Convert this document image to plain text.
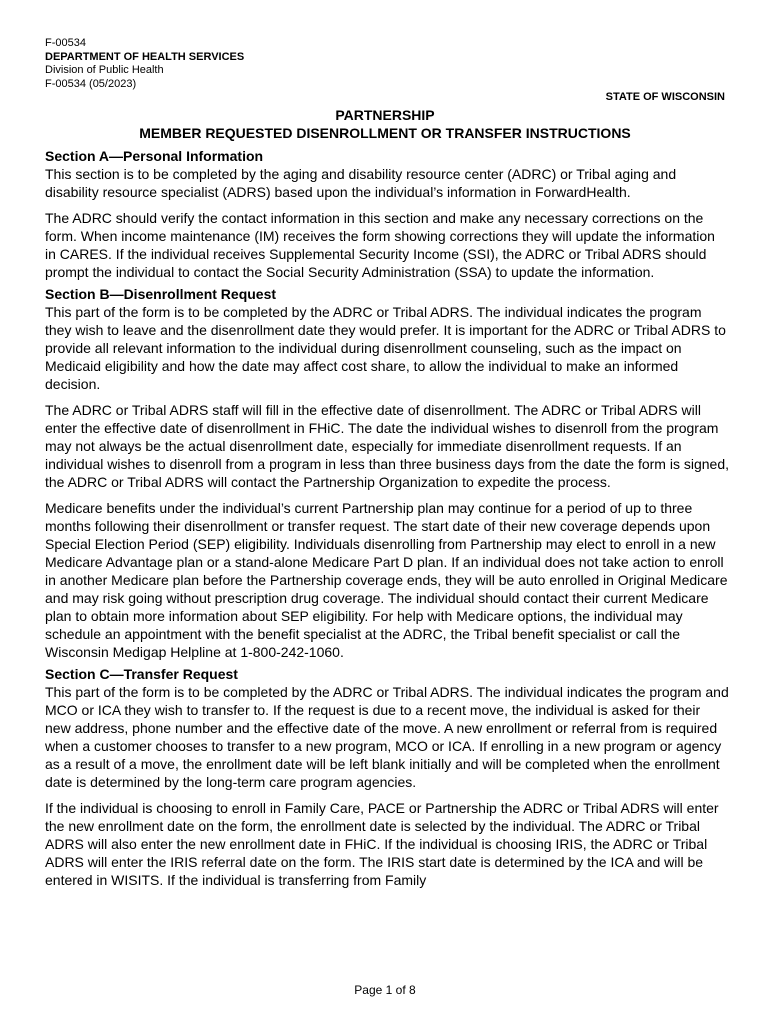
F-00534
DEPARTMENT OF HEALTH SERVICES
Division of Public Health
F-00534 (05/2023)
STATE OF WISCONSIN
PARTNERSHIP
MEMBER REQUESTED DISENROLLMENT OR TRANSFER INSTRUCTIONS
Section A—Personal Information

This section is to be completed by the aging and disability resource center (ADRC) or Tribal aging and disability resource specialist (ADRS) based upon the individual’s information in ForwardHealth.

The ADRC should verify the contact information in this section and make any necessary corrections on the form. When income maintenance (IM) receives the form showing corrections they will update the information in CARES. If the individual receives Supplemental Security Income (SSI), the ADRC or Tribal ADRS should prompt the individual to contact the Social Security Administration (SSA) to update the information.

Section B—Disenrollment Request

This part of the form is to be completed by the ADRC or Tribal ADRS. The individual indicates the program they wish to leave and the disenrollment date they would prefer. It is important for the ADRC or Tribal ADRS to provide all relevant information to the individual during disenrollment counseling, such as the impact on Medicaid eligibility and how the date may affect cost share, to allow the individual to make an informed decision.

The ADRC or Tribal ADRS staff will fill in the effective date of disenrollment. The ADRC or Tribal ADRS will enter the effective date of disenrollment in FHiC. The date the individual wishes to disenroll from the program may not always be the actual disenrollment date, especially for immediate disenrollment requests. If an individual wishes to disenroll from a program in less than three business days from the date the form is signed, the ADRC or Tribal ADRS will contact the Partnership Organization to expedite the process.

Medicare benefits under the individual’s current Partnership plan may continue for a period of up to three months following their disenrollment or transfer request. The start date of their new coverage depends upon Special Election Period (SEP) eligibility. Individuals disenrolling from Partnership may elect to enroll in a new Medicare Advantage plan or a stand-alone Medicare Part D plan. If an individual does not take action to enroll in another Medicare plan before the Partnership coverage ends, they will be auto enrolled in Original Medicare and may risk going without prescription drug coverage. The individual should contact their current Medicare plan to obtain more information about SEP eligibility. For help with Medicare options, the individual may schedule an appointment with the benefit specialist at the ADRC, the Tribal benefit specialist or call the Wisconsin Medigap Helpline at 1-800-242-1060.

Section C—Transfer Request

This part of the form is to be completed by the ADRC or Tribal ADRS. The individual indicates the program and MCO or ICA they wish to transfer to. If the request is due to a recent move, the individual is asked for their new address, phone number and the effective date of the move. A new enrollment or referral from is required when a customer chooses to transfer to a new program, MCO or ICA. If enrolling in a new program or agency as a result of a move, the enrollment date will be left blank initially and will be completed when the enrollment date is determined by the long-term care program agencies.

If the individual is choosing to enroll in Family Care, PACE or Partnership the ADRC or Tribal ADRS will enter the new enrollment date on the form, the enrollment date is selected by the individual. The ADRC or Tribal ADRS will also enter the new enrollment date in FHiC. If the individual is choosing IRIS, the ADRC or Tribal ADRS will enter the IRIS referral date on the form. The IRIS start date is determined by the ICA and will be entered in WISITS. If the individual is transferring from Family

Page 1 of 8
